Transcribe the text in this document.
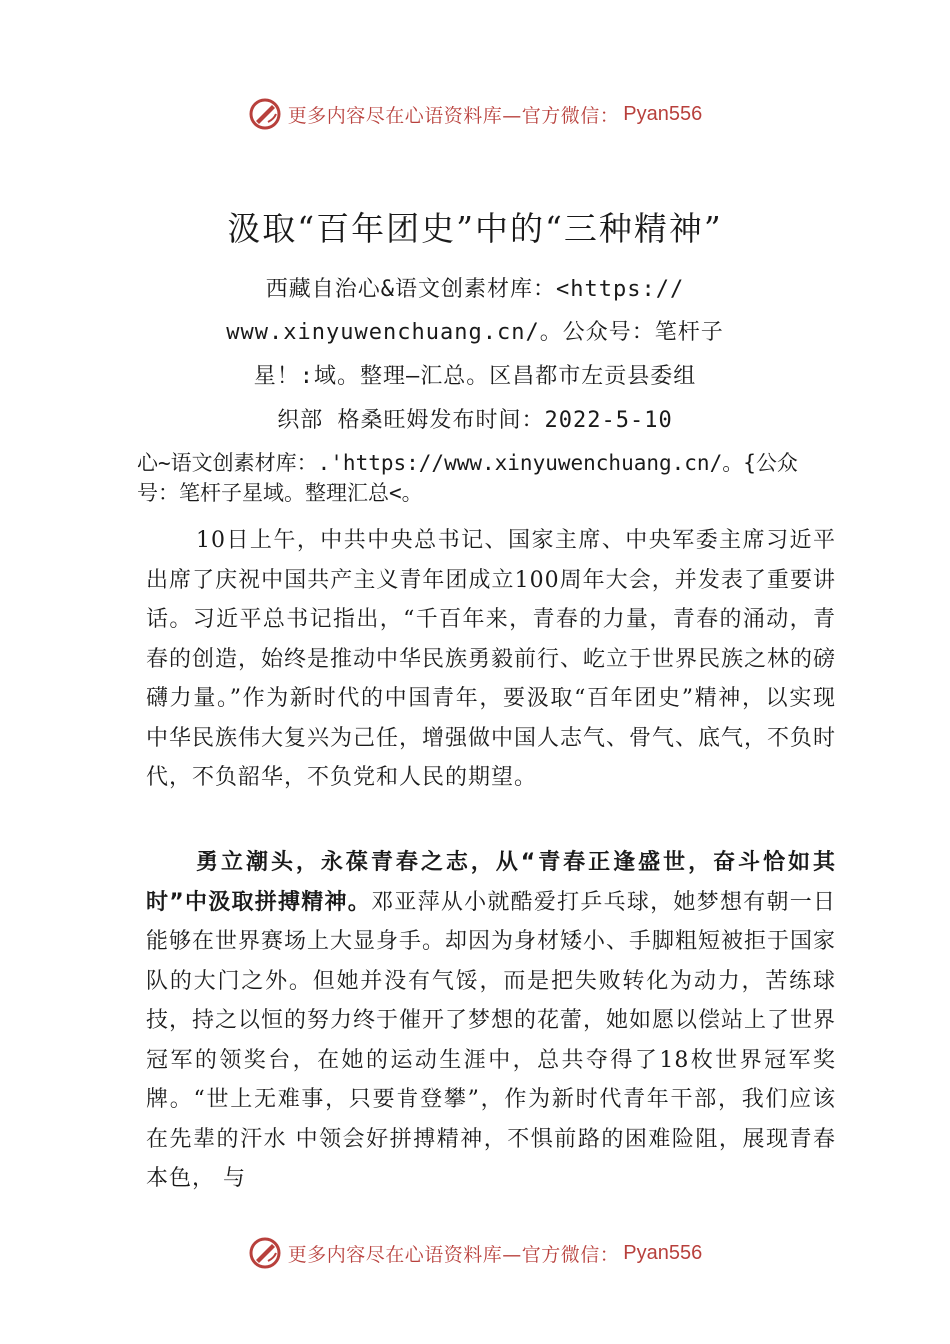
更多内容尽在心语资料库—官方微信： Pyan556
汲取“百年团史”中的“三种精神”
西藏自治心&语文创素材库：<https://
www.xinyuwenchuang.cn/。公众号：笔杆子
星！:域。整理—汇总。区昌都市左贡县委组
织部 格桑旺姆发布时间：2022-5-10
心~语文创素材库：.'https://www.xinyuwenchuang.cn/。{公众号：笔杆子星域。整理汇总<。

10日上午，中共中央总书记、国家主席、中央军委主席习近平出席了庆祝中国共产主义青年团成立100周年大会，并发表了重要讲话。习近平总书记指出，“千百年来，青春的力量，青春的涌动，青春的创造，始终是推动中华民族勇毅前行、屹立于世界民族之林的磅礴力量。”作为新时代的中国青年，要汲取“百年团史”精神，以实现中华民族伟大复兴为己任，增强做中国人志气、骨气、底气，不负时代，不负韶华，不负党和人民的期望。

勇立潮头，永葆青春之志，从“青春正逢盛世，奋斗恰如其时”中汲取拼搏精神。邓亚萍从小就酷爱打乒乓球，她梦想有朝一日能够在世界赛场上大显身手。却因为身材矮小、手脚粗短被拒于国家队的大门之外。但她并没有气馁，而是把失败转化为动力，苦练球技，持之以恒的努力终于催开了梦想的花蕾，她如愿以偿站上了世界冠军的领奖台，在她的运动生涯中，总共夺得了18枚世界冠军奖牌。“世上无难事，只要肯登攀”，作为新时代青年干部，我们应该在先辈的汗水 中领会好拼搏精神，不惧前路的困难险阻，展现青春本色， 与

更多内容尽在心语资料库—官方微信： Pyan556
